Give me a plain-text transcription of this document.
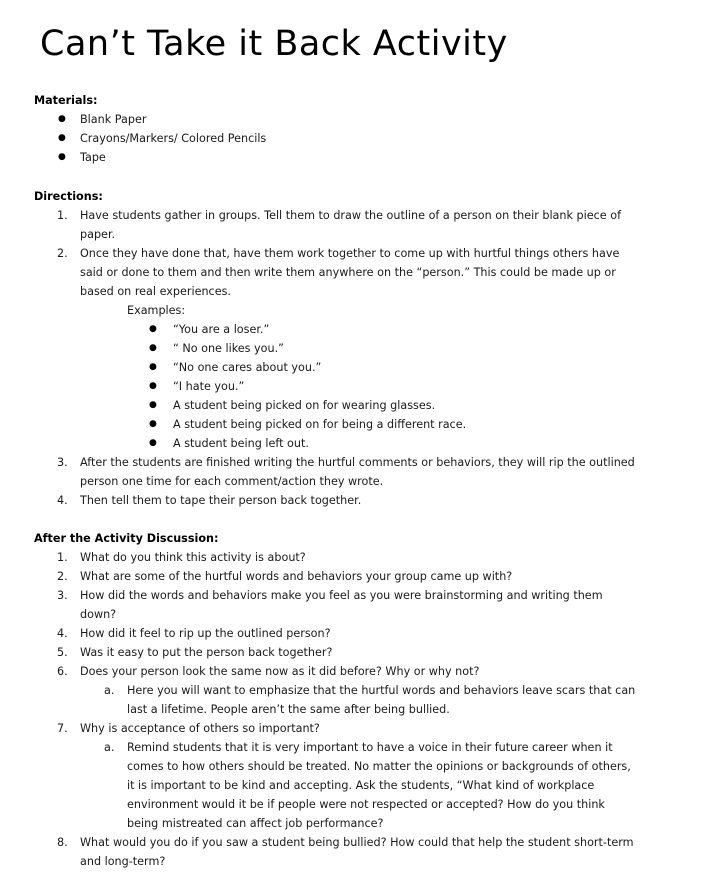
Can’t Take it Back Activity
Materials:
● Blank Paper
● Crayons/Markers/ Colored Pencils
● Tape
Directions:
1. Have students gather in groups. Tell them to draw the outline of a person on their blank piece of
paper.
2. Once they have done that, have them work together to come up with hurtful things others have
said or done to them and then write them anywhere on the “person.” This could be made up or
based on real experiences.
Examples:
● “You are a loser.”
● “ No one likes you.”
● “No one cares about you.”
● “I hate you.”
● A student being picked on for wearing glasses.
● A student being picked on for being a different race.
● A student being left out.
3. After the students are finished writing the hurtful comments or behaviors, they will rip the outlined
person one time for each comment/action they wrote.
4. Then tell them to tape their person back together.
After the Activity Discussion:
1. What do you think this activity is about?
2. What are some of the hurtful words and behaviors your group came up with?
3. How did the words and behaviors make you feel as you were brainstorming and writing them
down?
4. How did it feel to rip up the outlined person?
5. Was it easy to put the person back together?
6. Does your person look the same now as it did before? Why or why not?
a. Here you will want to emphasize that the hurtful words and behaviors leave scars that can
last a lifetime. People aren’t the same after being bullied.
7. Why is acceptance of others so important?
a. Remind students that it is very important to have a voice in their future career when it
comes to how others should be treated. No matter the opinions or backgrounds of others,
it is important to be kind and accepting. Ask the students, “What kind of workplace
environment would it be if people were not respected or accepted? How do you think
being mistreated can affect job performance?
8. What would you do if you saw a student being bullied? How could that help the student short-term
and long-term?
